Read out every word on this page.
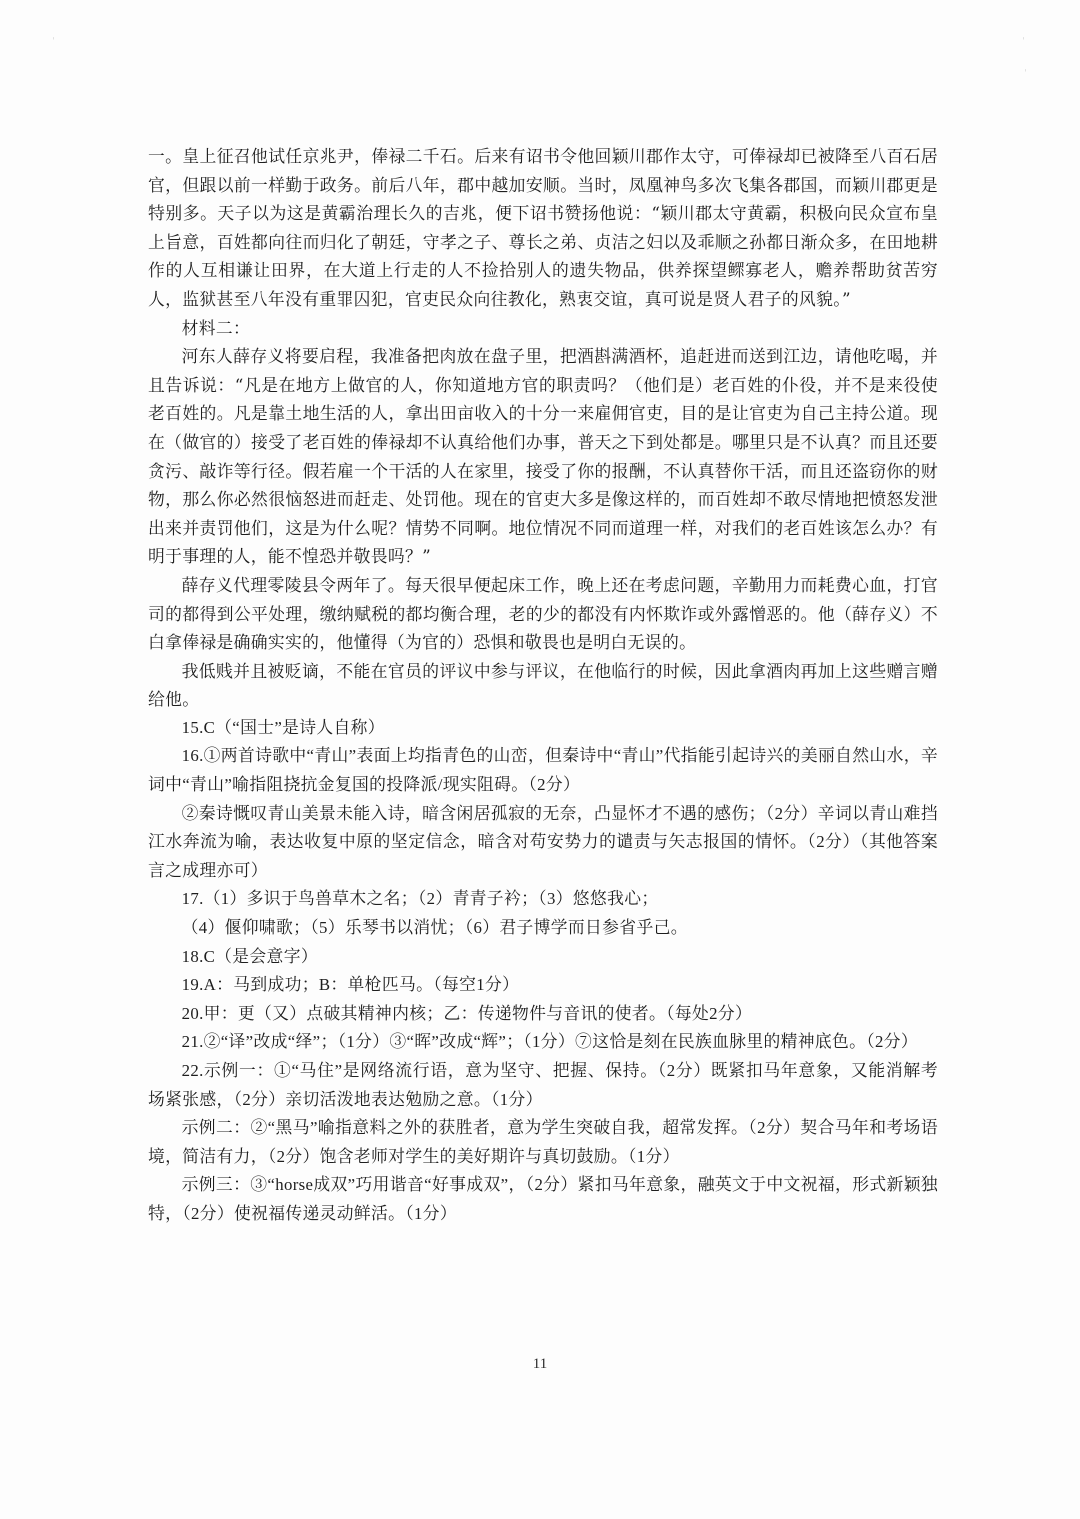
ˈ	ˈ
ˈ

一。皇上征召他试任京兆尹，俸禄二千石。后来有诏书令他回颖川郡作太守，可俸禄却已被降至八百石居官，但跟以前一样勤于政务。前后八年，郡中越加安顺。当时，凤凰神鸟多次飞集各郡国，而颖川郡更是特别多。天子以为这是黄霸治理长久的吉兆，便下诏书赞扬他说：“颖川郡太守黄霸，积极向民众宣布皇上旨意，百姓都向往而归化了朝廷，守孝之子、尊长之弟、贞洁之妇以及乖顺之孙都日渐众多，在田地耕作的人互相谦让田界，在大道上行走的人不捡拾别人的遗失物品，供养探望鳏寡老人，赡养帮助贫苦穷人，监狱甚至八年没有重罪囚犯，官吏民众向往教化，熟衷交谊，真可说是贤人君子的风貌。”

材料二：

河东人薛存义将要启程，我准备把肉放在盘子里，把酒斟满酒杯，追赶进而送到江边，请他吃喝，并且告诉说：“凡是在地方上做官的人，你知道地方官的职责吗？（他们是）老百姓的仆役，并不是来役使老百姓的。凡是靠土地生活的人，拿出田亩收入的十分一来雇佣官吏，目的是让官吏为自己主持公道。现在（做官的）接受了老百姓的俸禄却不认真给他们办事，普天之下到处都是。哪里只是不认真？而且还要贪污、敲诈等行径。假若雇一个干活的人在家里，接受了你的报酬，不认真替你干活，而且还盗窃你的财物，那么你必然很恼怒进而赶走、处罚他。现在的官吏大多是像这样的，而百姓却不敢尽情地把愤怒发泄出来并责罚他们，这是为什么呢？情势不同啊。地位情况不同而道理一样，对我们的老百姓该怎么办？有明于事理的人，能不惶恐并敬畏吗？”

薛存义代理零陵县令两年了。每天很早便起床工作，晚上还在考虑问题，辛勤用力而耗费心血，打官司的都得到公平处理，缴纳赋税的都均衡合理，老的少的都没有内怀欺诈或外露憎恶的。他（薛存义）不白拿俸禄是确确实实的，他懂得（为官的）恐惧和敬畏也是明白无误的。

我低贱并且被贬谪，不能在官员的评议中参与评议，在他临行的时候，因此拿酒肉再加上这些赠言赠给他。

15.C（“国士”是诗人自称）

16.①两首诗歌中“青山”表面上均指青色的山峦，但秦诗中“青山”代指能引起诗兴的美丽自然山水，辛词中“青山”喻指阻挠抗金复国的投降派/现实阻碍。（2分）

②秦诗慨叹青山美景未能入诗，暗含闲居孤寂的无奈，凸显怀才不遇的感伤；（2分）辛词以青山难挡江水奔流为喻，表达收复中原的坚定信念，暗含对苟安势力的谴责与矢志报国的情怀。（2分）（其他答案言之成理亦可）

17.（1）多识于鸟兽草木之名；（2）青青子衿；（3）悠悠我心；

（4）偃仰啸歌；（5）乐琴书以消忧；（6）君子博学而日参省乎己。

18.C（是会意字）

19.A：马到成功；B：单枪匹马。（每空1分）

20.甲：更（又）点破其精神内核；乙：传递物件与音讯的使者。（每处2分）

21.②“译”改成“绎”；（1分）③“晖”改成“辉”；（1分）⑦这恰是刻在民族血脉里的精神底色。（2分）

22.示例一：①“马住”是网络流行语，意为坚守、把握、保持。（2分）既紧扣马年意象，又能消解考场紧张感，（2分）亲切活泼地表达勉励之意。（1分）

示例二：②“黑马”喻指意料之外的获胜者，意为学生突破自我，超常发挥。（2分）契合马年和考场语境，简洁有力，（2分）饱含老师对学生的美好期许与真切鼓励。（1分）

示例三：③“horse成双”巧用谐音“好事成双”，（2分）紧扣马年意象，融英文于中文祝福，形式新颖独特，（2分）使祝福传递灵动鲜活。（1分）

11
